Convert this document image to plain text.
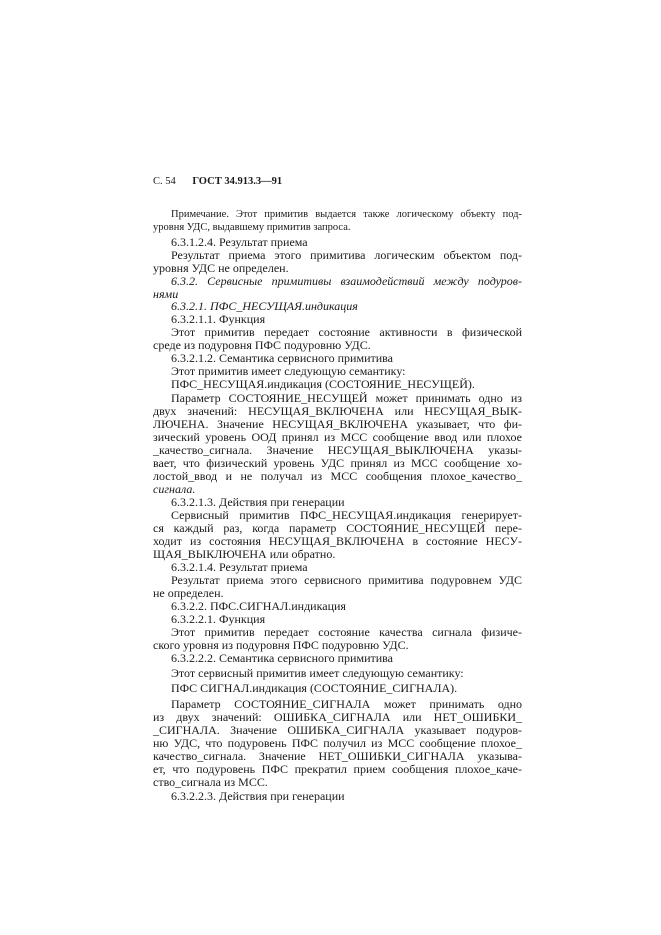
С. 54 ГОСТ 34.913.3—91
Примечание. Этот примитив выдается также логическому объекту под-
уровня УДС, выдавшему примитив запроса.
6.3.1.2.4. Результат приема
Результат приема этого примитива логическим объектом под-
уровня УДС не определен.
6.3.2. Сервисные примитивы взаимодействий между подуров-
нями
6.3.2.1. ПФС_НЕСУЩАЯ.индикация
6.3.2.1.1. Функция
Этот примитив передает состояние активности в физической
среде из подуровня ПФС подуровню УДС.
6.3.2.1.2. Семантика сервисного примитива
Этот примитив имеет следующую семантику:
ПФС_НЕСУЩАЯ.индикация (СОСТОЯНИЕ_НЕСУЩЕЙ).
Параметр СОСТОЯНИЕ_НЕСУЩЕЙ может принимать одно из
двух значений: НЕСУЩАЯ_ВКЛЮЧЕНА или НЕСУЩАЯ_ВЫК-
ЛЮЧЕНА. Значение НЕСУЩАЯ_ВКЛЮЧЕНА указывает, что фи-
зический уровень ООД принял из МСС сообщение ввод или плохое
_качество_сигнала. Значение НЕСУЩАЯ_ВЫКЛЮЧЕНА указы-
вает, что физический уровень УДС принял из МСС сообщение хо-
лостой_ввод и не получал из МСС сообщения плохое_качество_
сигнала.
6.3.2.1.3. Действия при генерации
Сервисный примитив ПФС_НЕСУЩАЯ.индикация генерирует-
ся каждый раз, когда параметр СОСТОЯНИЕ_НЕСУЩЕЙ пере-
ходит из состояния НЕСУЩАЯ_ВКЛЮЧЕНА в состояние НЕСУ-
ЩАЯ_ВЫКЛЮЧЕНА или обратно.
6.3.2.1.4. Результат приема
Результат приема этого сервисного примитива подуровнем УДС
не определен.
6.3.2.2. ПФС.СИГНАЛ.индикация
6.3.2.2.1. Функция
Этот примитив передает состояние качества сигнала физиче-
ского уровня из подуровня ПФС подуровню УДС.
6.3.2.2.2. Семантика сервисного примитива
Этот сервисный примитив имеет следующую семантику:
ПФС СИГНАЛ.индикация (СОСТОЯНИЕ_СИГНАЛА).
Параметр СОСТОЯНИЕ_СИГНАЛА может принимать одно
из двух значений: ОШИБКА_СИГНАЛА или НЕТ_ОШИБКИ_
_СИГНАЛА. Значение ОШИБКА_СИГНАЛА указывает подуров-
ню УДС, что подуровень ПФС получил из МСС сообщение плохое_
качество_сигнала. Значение НЕТ_ОШИБКИ_СИГНАЛА указыва-
ет, что подуровень ПФС прекратил прием сообщения плохое_каче-
ство_сигнала из МСС.
6.3.2.2.3. Действия при генерации
